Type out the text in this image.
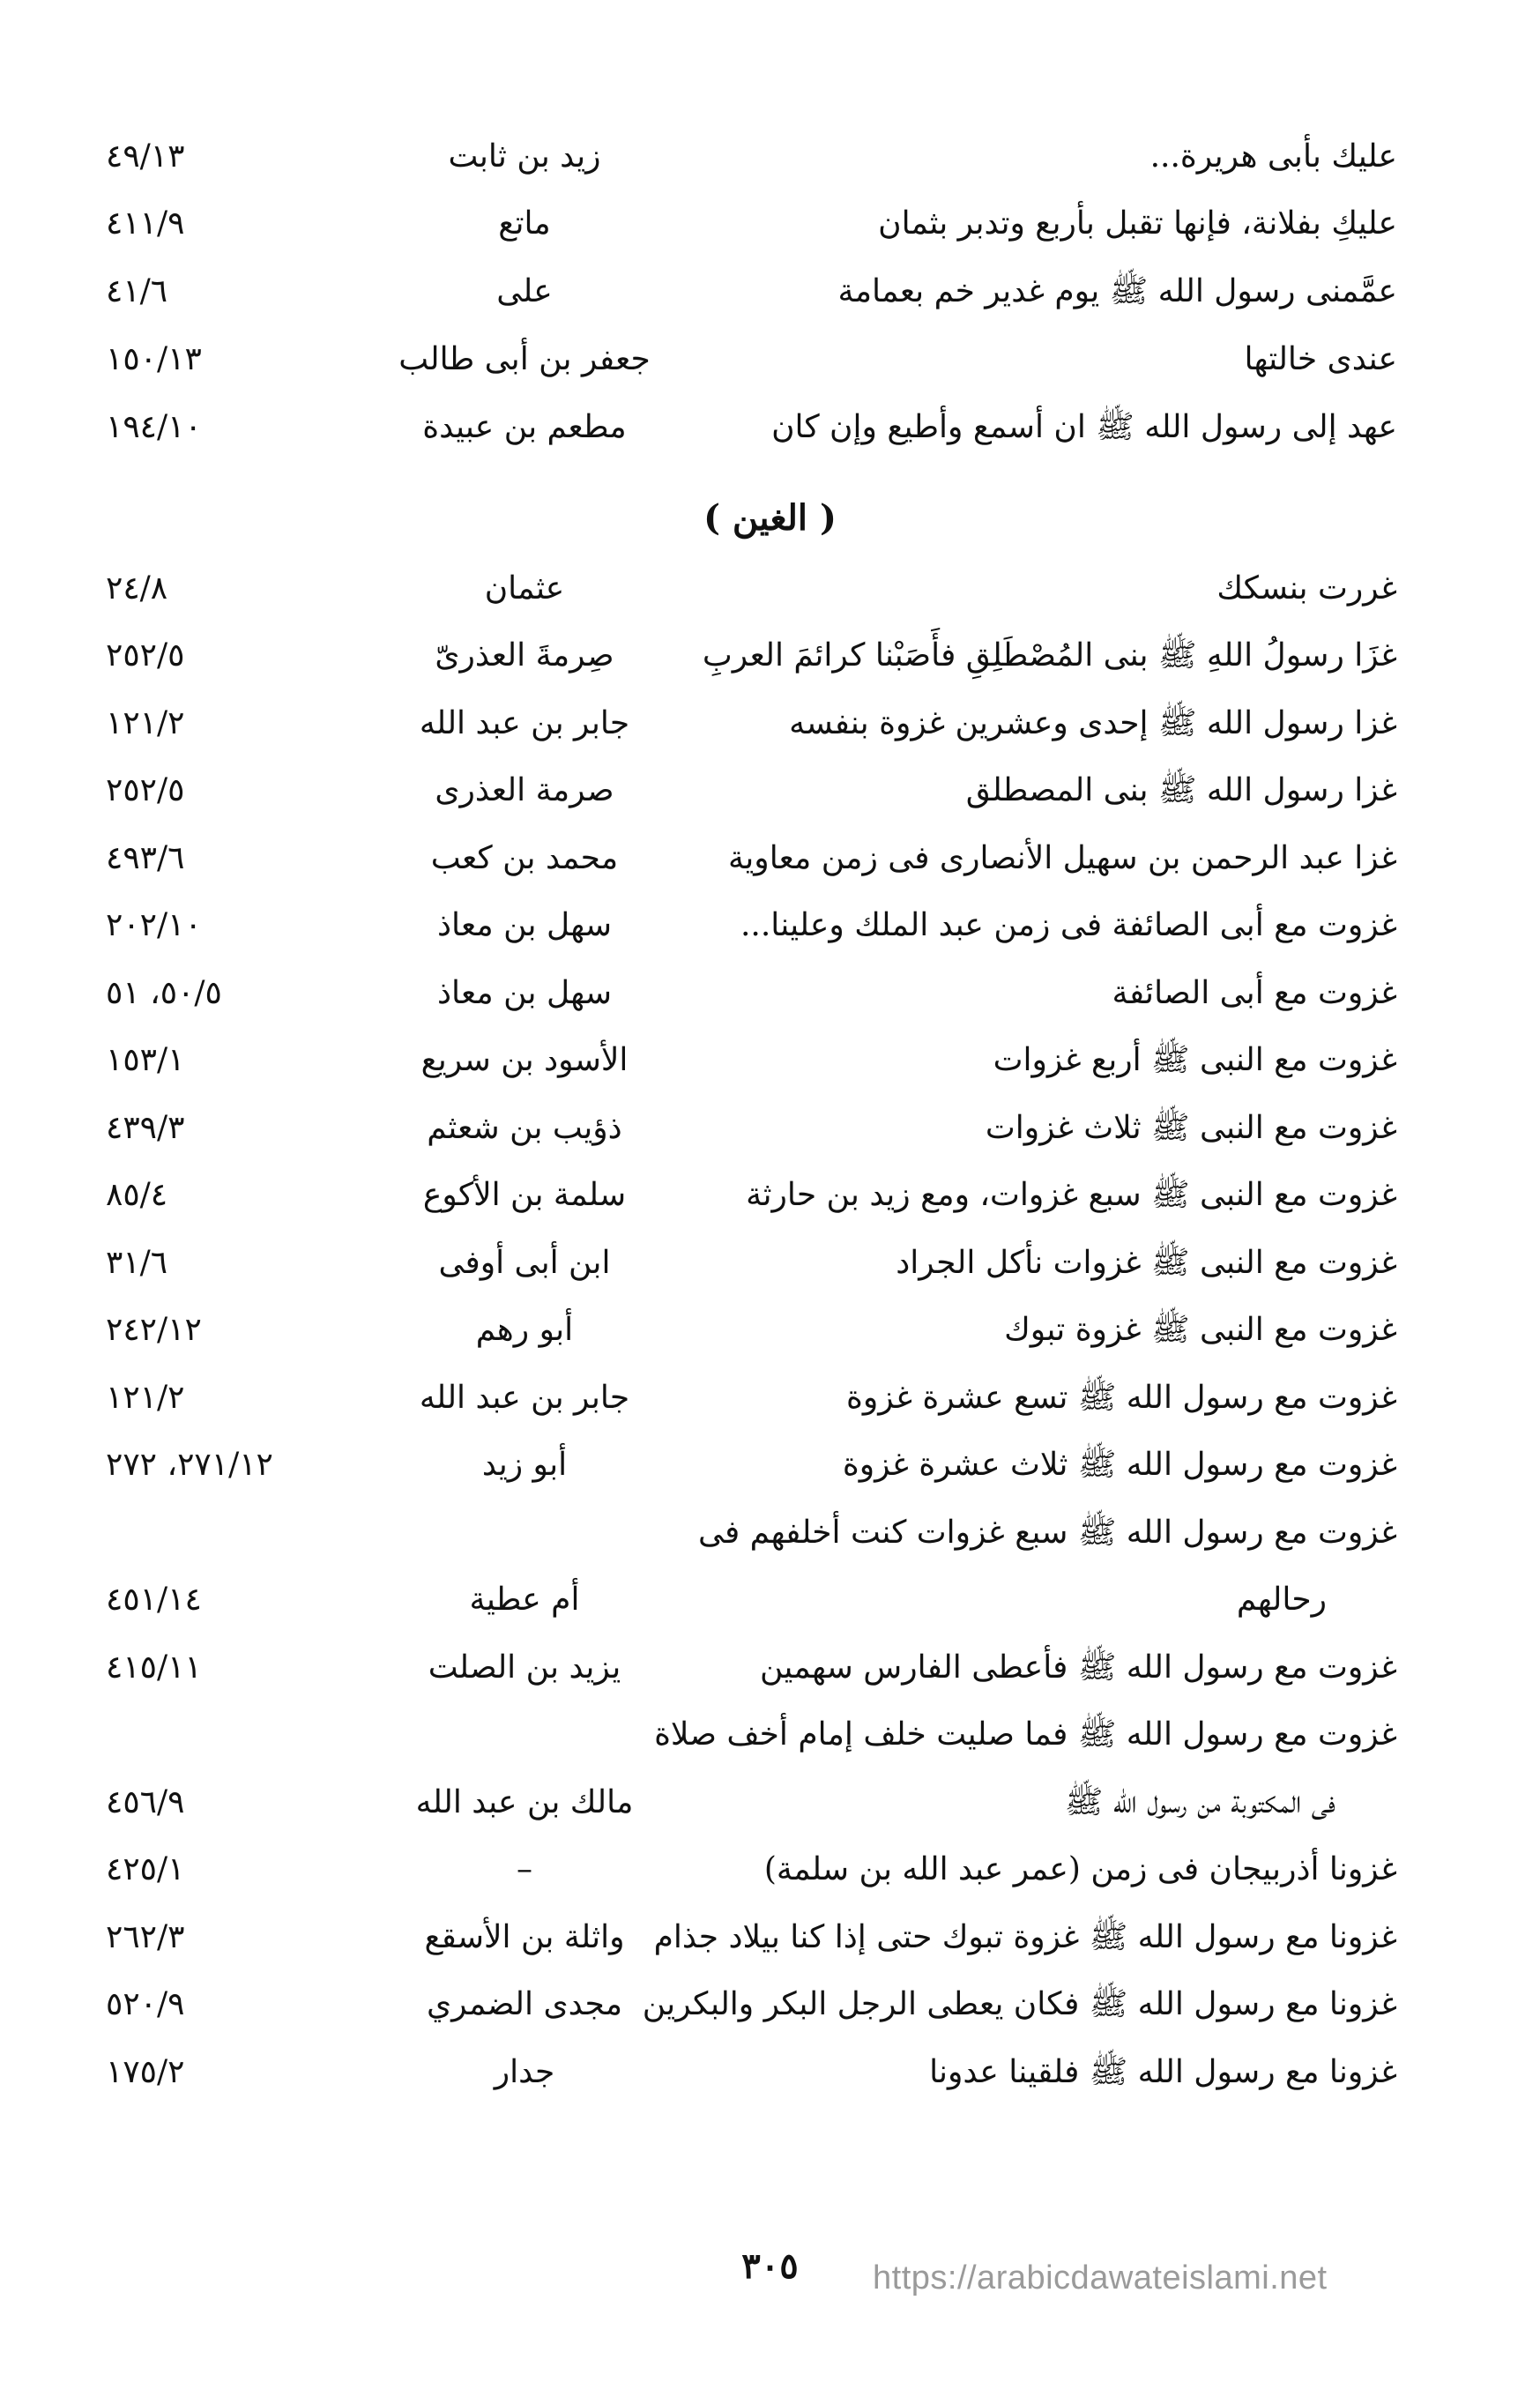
عليك بأبى هريرة...
زيد بن ثابت
٤٩/١٣
عليكِ بفلانة، فإنها تقبل بأربع وتدبر بثمان
ماتع
٤١١/٩
عمَّمنى رسول الله ﷺ يوم غدير خم بعمامة
على
٤١/٦
عندى خالتها
جعفر بن أبى طالب
١٥٠/١٣
عهد إلى رسول الله ﷺ ان أسمع وأطيع وإن كان
مطعم بن عبيدة
١٩٤/١٠
غررت بنسكك
عثمان
٢٤/٨
غزَا رسولُ اللهِ ﷺ بنى المُصْطَلِقِ فأَصَبْنا كرائمَ العربِ
صِرمةَ العذرىّ
٢٥٢/٥
غزا رسول الله ﷺ إحدى وعشرين غزوة بنفسه
جابر بن عبد الله
١٢١/٢
غزا رسول الله ﷺ بنى المصطلق
صرمة العذرى
٢٥٢/٥
غزا عبد الرحمن بن سهيل الأنصارى فى زمن معاوية
محمد بن كعب
٤٩٣/٦
غزوت مع أبى الصائفة فى زمن عبد الملك وعلينا...
سهل بن معاذ
٢٠٢/١٠
غزوت مع أبى الصائفة
سهل بن معاذ
٥٠/٥، ٥١
غزوت مع النبى ﷺ أربع غزوات
الأسود بن سريع
١٥٣/١
غزوت مع النبى ﷺ ثلاث غزوات
ذؤيب بن شعثم
٤٣٩/٣
غزوت مع النبى ﷺ سبع غزوات، ومع زيد بن حارثة
سلمة بن الأكوع
٨٥/٤
غزوت مع النبى ﷺ غزوات نأكل الجراد
ابن أبى أوفى
٣١/٦
غزوت مع النبى ﷺ غزوة تبوك
أبو رهم
٢٤٢/١٢
غزوت مع رسول الله ﷺ تسع عشرة غزوة
جابر بن عبد الله
١٢١/٢
غزوت مع رسول الله ﷺ ثلاث عشرة غزوة
أبو زيد
٢٧١/١٢، ٢٧٢
غزوت مع رسول الله ﷺ سبع غزوات كنت أخلفهم فى
رحالهم
أم عطية
٤٥١/١٤
غزوت مع رسول الله ﷺ فأعطى الفارس سهمين
يزيد بن الصلت
٤١٥/١١
غزوت مع رسول الله ﷺ فما صليت خلف إمام أخف صلاة
فى المكتوبة من رسول الله ﷺ
مالك بن عبد الله
٤٥٦/٩
غزونا أذربيجان فى زمن (عمر عبد الله بن سلمة)
–
٤٢٥/١
غزونا مع رسول الله ﷺ غزوة تبوك حتى إذا كنا بيلاد جذام
واثلة بن الأسقع
٢٦٢/٣
غزونا مع رسول الله ﷺ فكان يعطى الرجل البكر والبكرين
مجدى الضمري
٥٢٠/٩
غزونا مع رسول الله ﷺ فلقينا عدونا
جدار
١٧٥/٢
( الغين )
٣٠٥	https://arabicdawateislami.net
